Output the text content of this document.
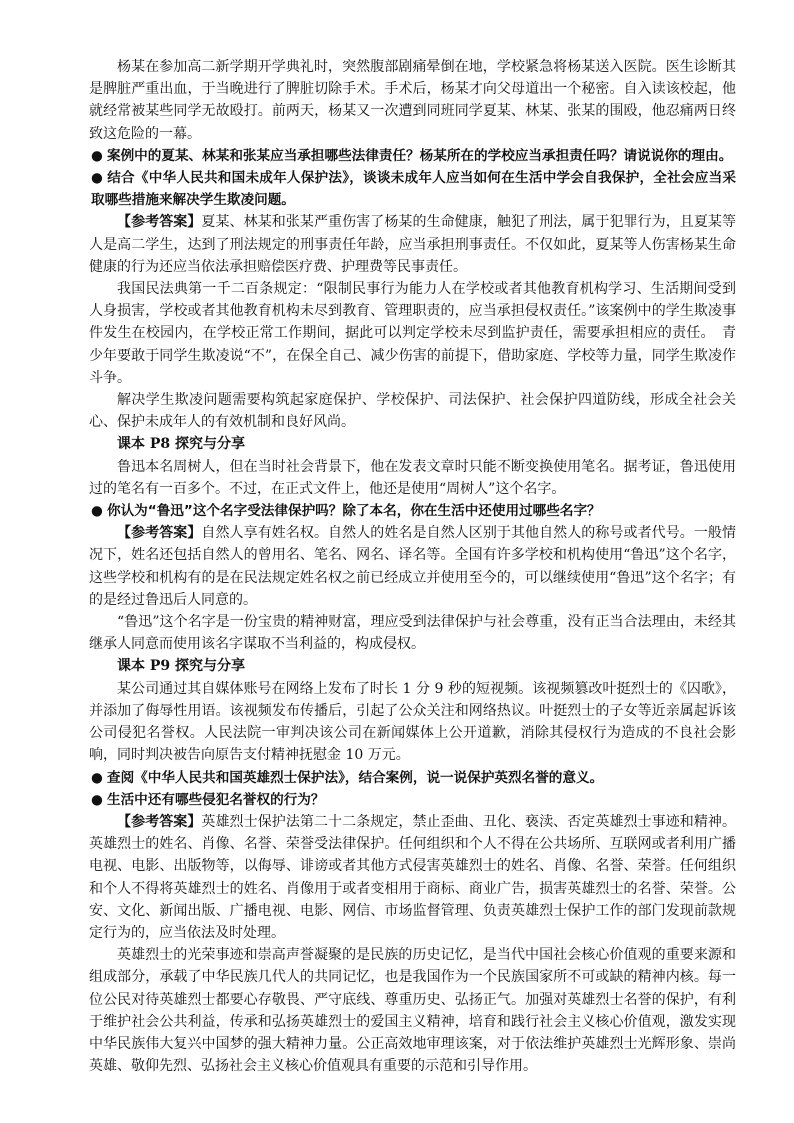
杨某在参加高二新学期开学典礼时，突然腹部剧痛晕倒在地，学校紧急将杨某送入医院。医生诊断其是脾脏严重出血，于当晚进行了脾脏切除手术。手术后，杨某才向父母道出一个秘密。自入读该校起，他就经常被某些同学无故殴打。前两天，杨某又一次遭到同班同学夏某、林某、张某的围殴，他忍痛两日终致这危险的一幕。

● 案例中的夏某、林某和张某应当承担哪些法律责任？杨某所在的学校应当承担责任吗？请说说你的理由。

● 结合《中华人民共和国未成年人保护法》，谈谈未成年人应当如何在生活中学会自我保护，全社会应当采取哪些措施来解决学生欺凌问题。

【参考答案】夏某、林某和张某严重伤害了杨某的生命健康，触犯了刑法，属于犯罪行为，且夏某等人是高二学生，达到了刑法规定的刑事责任年龄，应当承担刑事责任。不仅如此，夏某等人伤害杨某生命健康的行为还应当依法承担赔偿医疗费、护理费等民事责任。

我国民法典第一千二百条规定：“限制民事行为能力人在学校或者其他教育机构学习、生活期间受到人身损害，学校或者其他教育机构未尽到教育、管理职责的，应当承担侵权责任。”该案例中的学生欺凌事件发生在校园内，在学校正常工作期间，据此可以判定学校未尽到监护责任，需要承担相应的责任。　青少年要敢于同学生欺凌说“不”，在保全自己、减少伤害的前提下，借助家庭、学校等力量，同学生欺凌作斗争。

解决学生欺凌问题需要构筑起家庭保护、学校保护、司法保护、社会保护四道防线，形成全社会关心、保护未成年人的有效机制和良好风尚。

课本 P8 探究与分享

鲁迅本名周树人，但在当时社会背景下，他在发表文章时只能不断变换使用笔名。据考证，鲁迅使用过的笔名有一百多个。不过，在正式文件上，他还是使用“周树人”这个名字。

● 你认为“鲁迅”这个名字受法律保护吗？除了本名，你在生活中还使用过哪些名字？

【参考答案】自然人享有姓名权。自然人的姓名是自然人区别于其他自然人的称号或者代号。一般情况下，姓名还包括自然人的曾用名、笔名、网名、译名等。全国有许多学校和机构使用“鲁迅”这个名字，这些学校和机构有的是在民法规定姓名权之前已经成立并使用至今的，可以继续使用“鲁迅”这个名字；有的是经过鲁迅后人同意的。

“鲁迅”这个名字是一份宝贵的精神财富，理应受到法律保护与社会尊重，没有正当合法理由，未经其继承人同意而使用该名字谋取不当利益的，构成侵权。

课本 P9 探究与分享

某公司通过其自媒体账号在网络上发布了时长 1 分 9 秒的短视频。该视频篡改叶挺烈士的《囚歌》，并添加了侮辱性用语。该视频发布传播后，引起了公众关注和网络热议。叶挺烈士的子女等近亲属起诉该公司侵犯名誉权。人民法院一审判决该公司在新闻媒体上公开道歉，消除其侵权行为造成的不良社会影响，同时判决被告向原告支付精神抚慰金 10 万元。

● 查阅《中华人民共和国英雄烈士保护法》，结合案例，说一说保护英烈名誉的意义。

● 生活中还有哪些侵犯名誉权的行为？

【参考答案】英雄烈士保护法第二十二条规定，禁止歪曲、丑化、亵渎、否定英雄烈士事迹和精神。英雄烈士的姓名、肖像、名誉、荣誉受法律保护。任何组织和个人不得在公共场所、互联网或者利用广播电视、电影、出版物等，以侮辱、诽谤或者其他方式侵害英雄烈士的姓名、肖像、名誉、荣誉。任何组织和个人不得将英雄烈士的姓名、肖像用于或者变相用于商标、商业广告，损害英雄烈士的名誉、荣誉。公安、文化、新闻出版、广播电视、电影、网信、市场监督管理、负责英雄烈士保护工作的部门发现前款规定行为的，应当依法及时处理。

英雄烈士的光荣事迹和崇高声誉凝聚的是民族的历史记忆，是当代中国社会核心价值观的重要来源和组成部分，承载了中华民族几代人的共同记忆，也是我国作为一个民族国家所不可或缺的精神内核。每一位公民对待英雄烈士都要心存敬畏、严守底线、尊重历史、弘扬正气。加强对英雄烈士名誉的保护，有利于维护社会公共利益，传承和弘扬英雄烈士的爱国主义精神，培育和践行社会主义核心价值观，激发实现中华民族伟大复兴中国梦的强大精神力量。公正高效地审理该案，对于依法维护英雄烈士光辉形象、崇尚英雄、敬仰先烈、弘扬社会主义核心价值观具有重要的示范和引导作用。
